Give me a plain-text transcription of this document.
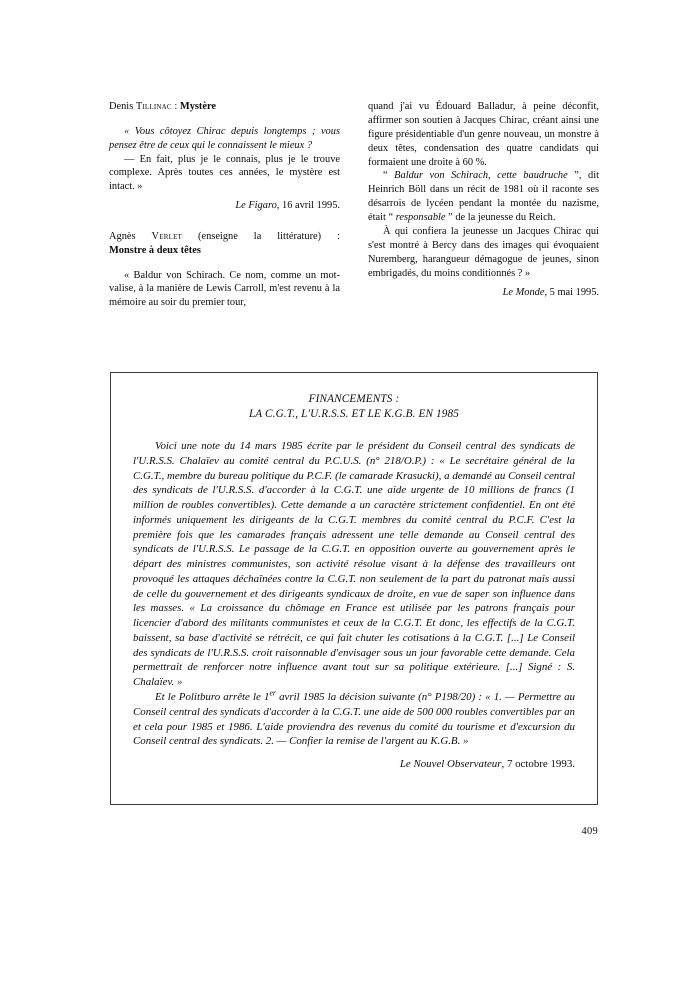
Denis Tillinac : Mystère

« Vous côtoyez Chirac depuis longtemps ; vous pensez être de ceux qui le connaissent le mieux ?

— En fait, plus je le connais, plus je le trouve complexe. Après toutes ces années, le mystère est intact. »

Le Figaro, 16 avril 1995.

Agnès Verlet (enseigne la littérature) :
Monstre à deux têtes

« Baldur von Schirach. Ce nom, comme un mot-valise, à la manière de Lewis Carroll, m'est revenu à la mémoire au soir du premier tour,

quand j'ai vu Édouard Balladur, à peine déconfit, affirmer son soutien à Jacques Chirac, créant ainsi une figure présidentiable d'un genre nouveau, un monstre à deux têtes, condensation des quatre candidats qui formaient une droite à 60 %.

“ Baldur von Schirach, cette baudruche ”, dit Heinrich Böll dans un récit de 1981 où il raconte ses désarrois de lycéen pendant la montée du nazisme, était “ responsable ” de la jeunesse du Reich.

À qui confiera la jeunesse un Jacques Chirac qui s'est montré à Bercy dans des images qui évoquaient Nuremberg, harangueur démagogue de jeunes, sinon embrigadés, du moins conditionnés ? »

Le Monde, 5 mai 1995.

FINANCEMENTS :
LA C.G.T., L'U.R.S.S. ET LE K.G.B. EN 1985

Voici une note du 14 mars 1985 écrite par le président du Conseil central des syndicats de l'U.R.S.S. Chalaïev au comité central du P.C.U.S. (n° 218/O.P.) : « Le secrétaire général de la C.G.T., membre du bureau politique du P.C.F. (le camarade Krasucki), a demandé au Conseil central des syndicats de l'U.R.S.S. d'accorder à la C.G.T. une aide urgente de 10 millions de francs (1 million de roubles convertibles). Cette demande a un caractère strictement confidentiel. En ont été informés uniquement les dirigeants de la C.G.T. membres du comité central du P.C.F. C'est la première fois que les camarades français adressent une telle demande au Conseil central des syndicats de l'U.R.S.S. Le passage de la C.G.T. en opposition ouverte au gouvernement après le départ des ministres communistes, son activité résolue visant à la défense des travailleurs ont provoqué les attaques déchaînées contre la C.G.T. non seulement de la part du patronat mais aussi de celle du gouvernement et des dirigeants syndicaux de droite, en vue de saper son influence dans les masses. « La croissance du chômage en France est utilisée par les patrons français pour licencier d'abord des militants communistes et ceux de la C.G.T. Et donc, les effectifs de la C.G.T. baissent, sa base d'activité se rétrécit, ce qui fait chuter les cotisations à la C.G.T. [...] Le Conseil des syndicats de l'U.R.S.S. croit raisonnable d'envisager sous un jour favorable cette demande. Cela permettrait de renforcer notre influence avant tout sur sa politique extérieure. [...] Signé : S. Chalaïev. »

Et le Politburo arrête le 1er avril 1985 la décision suivante (n° P198/20) : « 1. — Permettre au Conseil central des syndicats d'accorder à la C.G.T. une aide de 500 000 roubles convertibles par an et cela pour 1985 et 1986. L'aide proviendra des revenus du comité du tourisme et d'excursion du Conseil central des syndicats. 2. — Confier la remise de l'argent au K.G.B. »

Le Nouvel Observateur, 7 octobre 1993.

409
